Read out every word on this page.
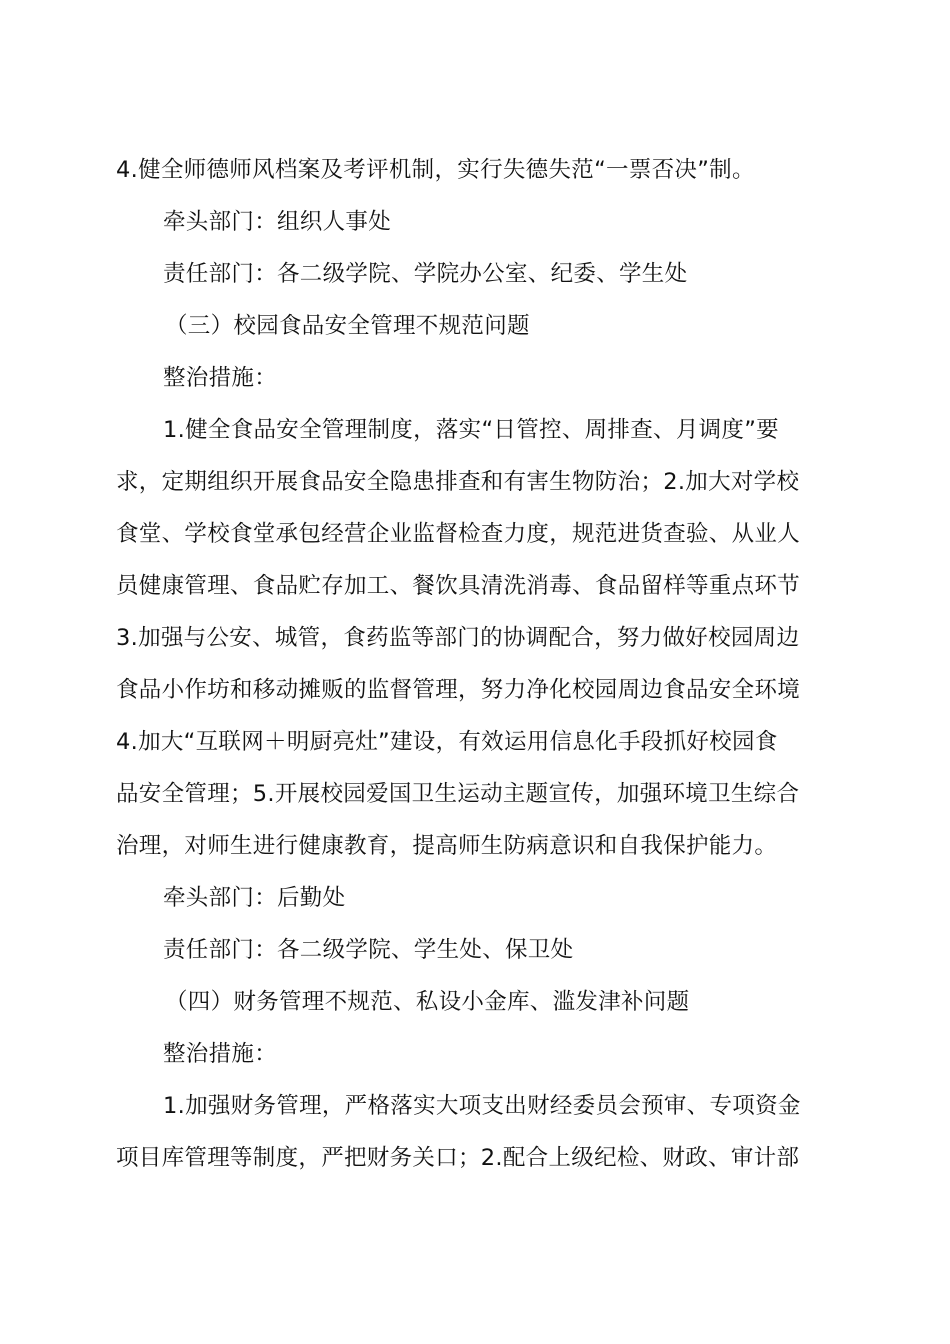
4.健全师德师风档案及考评机制，实行失德失范“一票否决”制。
牵头部门：组织人事处
责任部门：各二级学院、学院办公室、纪委、学生处
（三）校园食品安全管理不规范问题
整治措施：
1.健全食品安全管理制度，落实“日管控、周排查、月调度”要
求，定期组织开展食品安全隐患排查和有害生物防治；2.加大对学校
食堂、学校食堂承包经营企业监督检查力度，规范进货查验、从业人
员健康管理、食品贮存加工、餐饮具清洗消毒、食品留样等重点环节
3.加强与公安、城管，食药监等部门的协调配合，努力做好校园周边
食品小作坊和移动摊贩的监督管理，努力净化校园周边食品安全环境
4.加大“互联网＋明厨亮灶”建设，有效运用信息化手段抓好校园食
品安全管理；5.开展校园爱国卫生运动主题宣传，加强环境卫生综合
治理，对师生进行健康教育，提高师生防病意识和自我保护能力。
牵头部门：后勤处
责任部门：各二级学院、学生处、保卫处
（四）财务管理不规范、私设小金库、滥发津补问题
整治措施：
1.加强财务管理，严格落实大项支出财经委员会预审、专项资金
项目库管理等制度，严把财务关口；2.配合上级纪检、财政、审计部
